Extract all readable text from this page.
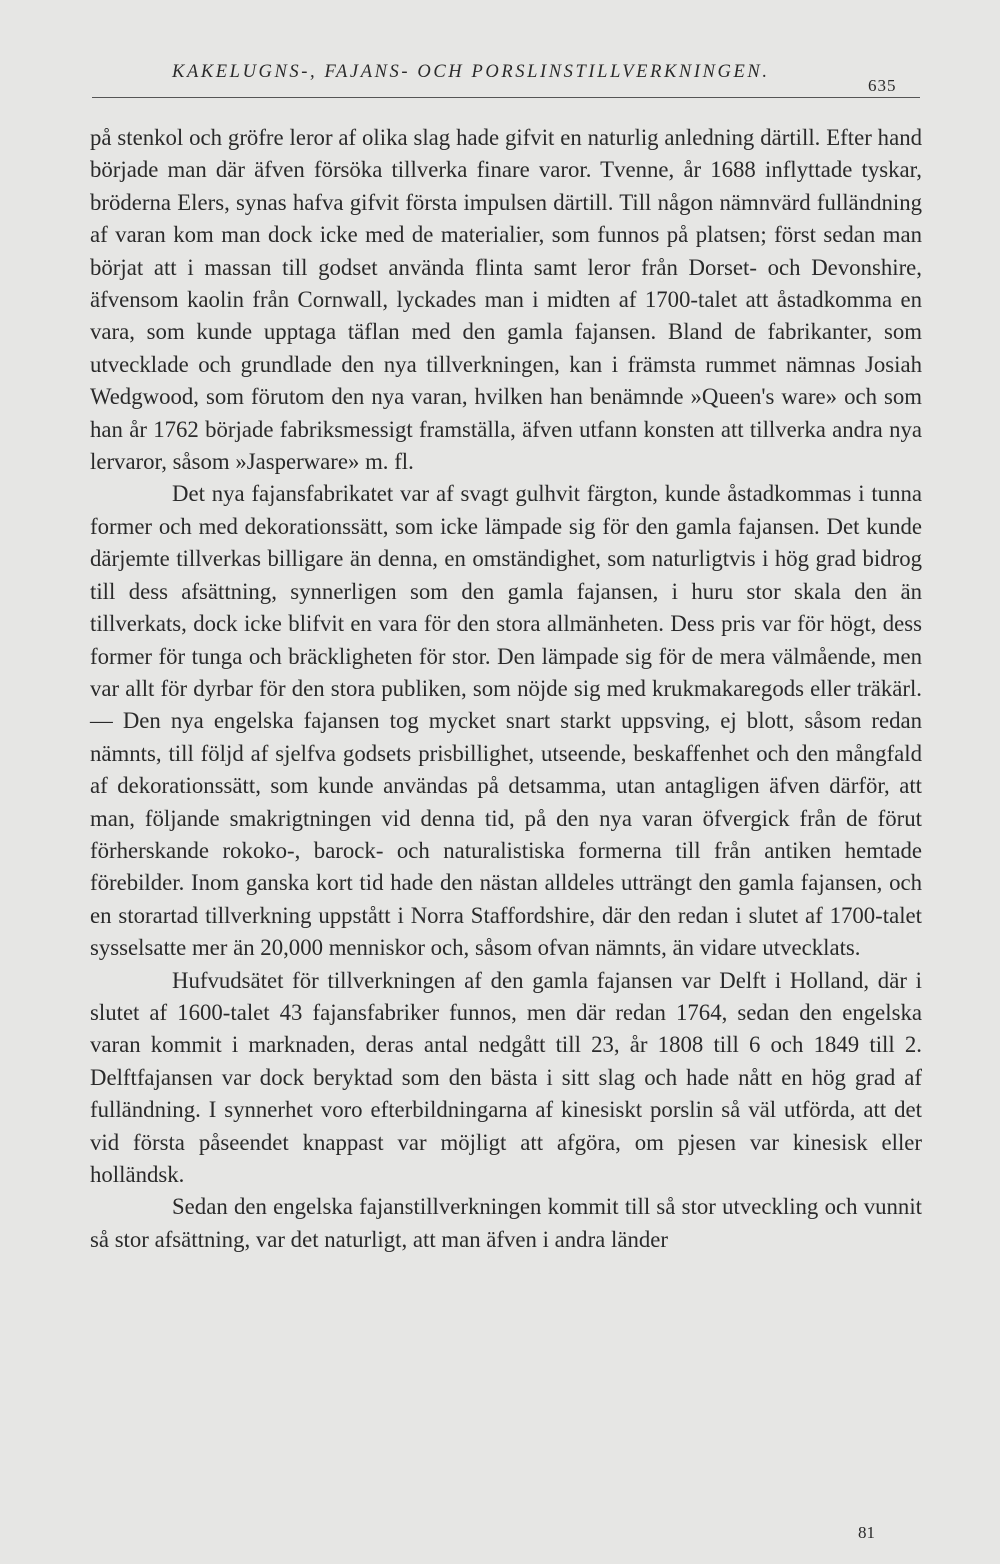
KAKELUGNS-, FAJANS- OCH PORSLINSTILLVERKNINGEN.
635

på stenkol och gröfre leror af olika slag hade gifvit en naturlig anledning därtill. Efter hand började man där äfven försöka tillverka finare varor. Tvenne, år 1688 inflyttade tyskar, bröderna Elers, synas hafva gifvit första impulsen därtill. Till någon nämnvärd fulländning af varan kom man dock icke med de materialier, som funnos på platsen; först sedan man börjat att i massan till godset använda flinta samt leror från Dorset- och Devonshire, äfvensom kaolin från Cornwall, lyckades man i midten af 1700-talet att åstadkomma en vara, som kunde upptaga täflan med den gamla fajansen. Bland de fabrikanter, som utvecklade och grundlade den nya tillverkningen, kan i främsta rummet nämnas Josiah Wedgwood, som förutom den nya varan, hvilken han benämnde »Queen's ware» och som han år 1762 började fabriksmessigt framställa, äfven utfann konsten att tillverka andra nya lervaror, såsom »Jasperware» m. fl.

Det nya fajansfabrikatet var af svagt gulhvit färgton, kunde åstadkommas i tunna former och med dekorationssätt, som icke lämpade sig för den gamla fajansen. Det kunde därjemte tillverkas billigare än denna, en omständighet, som naturligtvis i hög grad bidrog till dess afsättning, synnerligen som den gamla fajansen, i huru stor skala den än tillverkats, dock icke blifvit en vara för den stora allmänheten. Dess pris var för högt, dess former för tunga och bräckligheten för stor. Den lämpade sig för de mera välmående, men var allt för dyrbar för den stora publiken, som nöjde sig med krukmakaregods eller träkärl. — Den nya engelska fajansen tog mycket snart starkt uppsving, ej blott, såsom redan nämnts, till följd af sjelfva godsets prisbillighet, utseende, beskaffenhet och den mångfald af dekorationssätt, som kunde användas på detsamma, utan antagligen äfven därför, att man, följande smakrigtningen vid denna tid, på den nya varan öfvergick från de förut förherskande rokoko-, barock- och naturalistiska formerna till från antiken hemtade förebilder. Inom ganska kort tid hade den nästan alldeles utträngt den gamla fajansen, och en storartad tillverkning uppstått i Norra Staffordshire, där den redan i slutet af 1700-talet sysselsatte mer än 20,000 menniskor och, såsom ofvan nämnts, än vidare utvecklats.

Hufvudsätet för tillverkningen af den gamla fajansen var Delft i Holland, där i slutet af 1600-talet 43 fajansfabriker funnos, men där redan 1764, sedan den engelska varan kommit i marknaden, deras antal nedgått till 23, år 1808 till 6 och 1849 till 2. Delftfajansen var dock beryktad som den bästa i sitt slag och hade nått en hög grad af fulländning. I synnerhet voro efterbildningarna af kinesiskt porslin så väl utförda, att det vid första påseendet knappast var möjligt att afgöra, om pjesen var kinesisk eller holländsk.

Sedan den engelska fajanstillverkningen kommit till så stor utveckling och vunnit så stor afsättning, var det naturligt, att man äfven i andra länder

81
